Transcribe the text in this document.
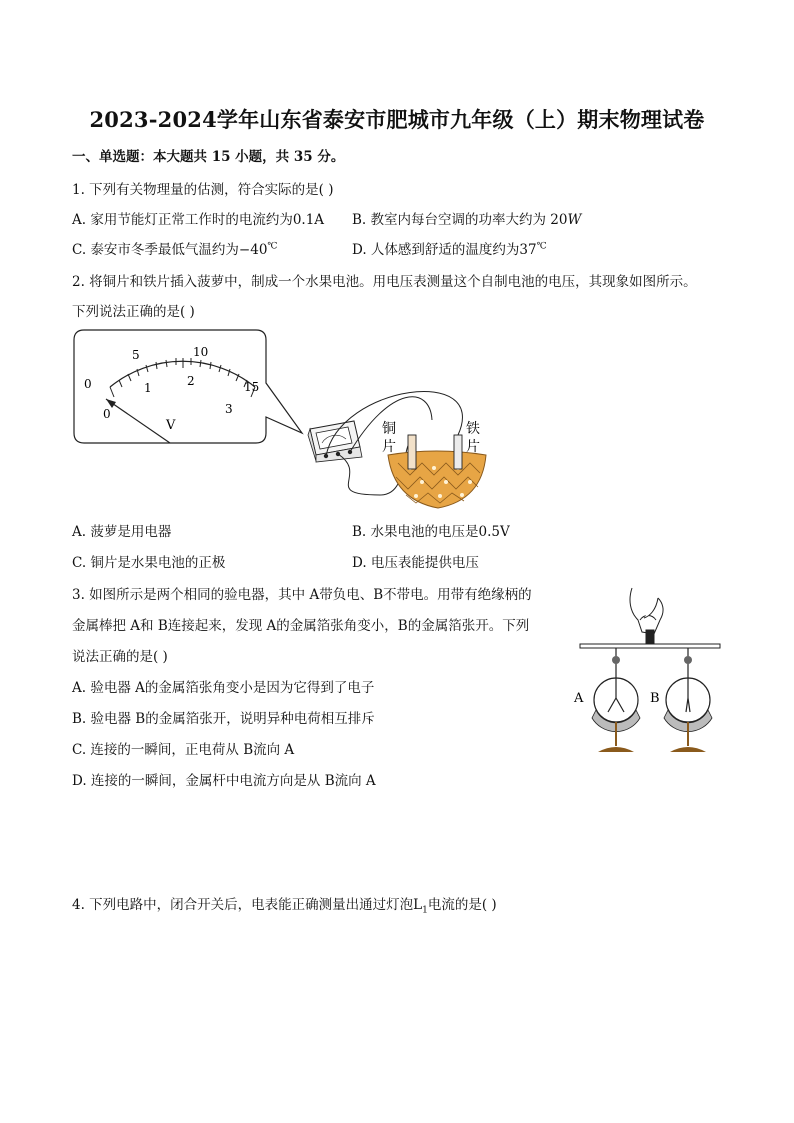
2023-2024学年山东省泰安市肥城市九年级（上）期末物理试卷
一、单选题：本大题共 15 小题，共 35 分。
1. 下列有关物理量的估测，符合实际的是( )
A. 家用节能灯正常工作时的电流约为0.1A B. 教室内每台空调的功率大约为 20W
C. 泰安市冬季最低气温约为−40℃	D. 人体感到舒适的温度约为37℃
2. 将铜片和铁片插入菠萝中，制成一个水果电池。用电压表测量这个自制电池的电压，其现象如图所示。
下列说法正确的是( )
0
5	10
15
0
1	2
3
V	铜
片
铁
片
A. 菠萝是用电器	B. 水果电池的电压是0.5V
C. 铜片是水果电池的正极	D. 电压表能提供电压
3. 如图所示是两个相同的验电器，其中 A带负电、B不带电。用带有绝缘柄的
金属棒把 A和 B连接起来，发现 A的金属箔张角变小，B的金属箔张开。下列
说法正确的是( )
A. 验电器 A的金属箔张角变小是因为它得到了电子
B. 验电器 B的金属箔张开，说明异种电荷相互排斥
C. 连接的一瞬间，正电荷从 B流向 A
D. 连接的一瞬间，金属杆中电流方向是从 B流向 A
A	B
4. 下列电路中，闭合开关后，电表能正确测量出通过灯泡$L_1$电流的是( )
